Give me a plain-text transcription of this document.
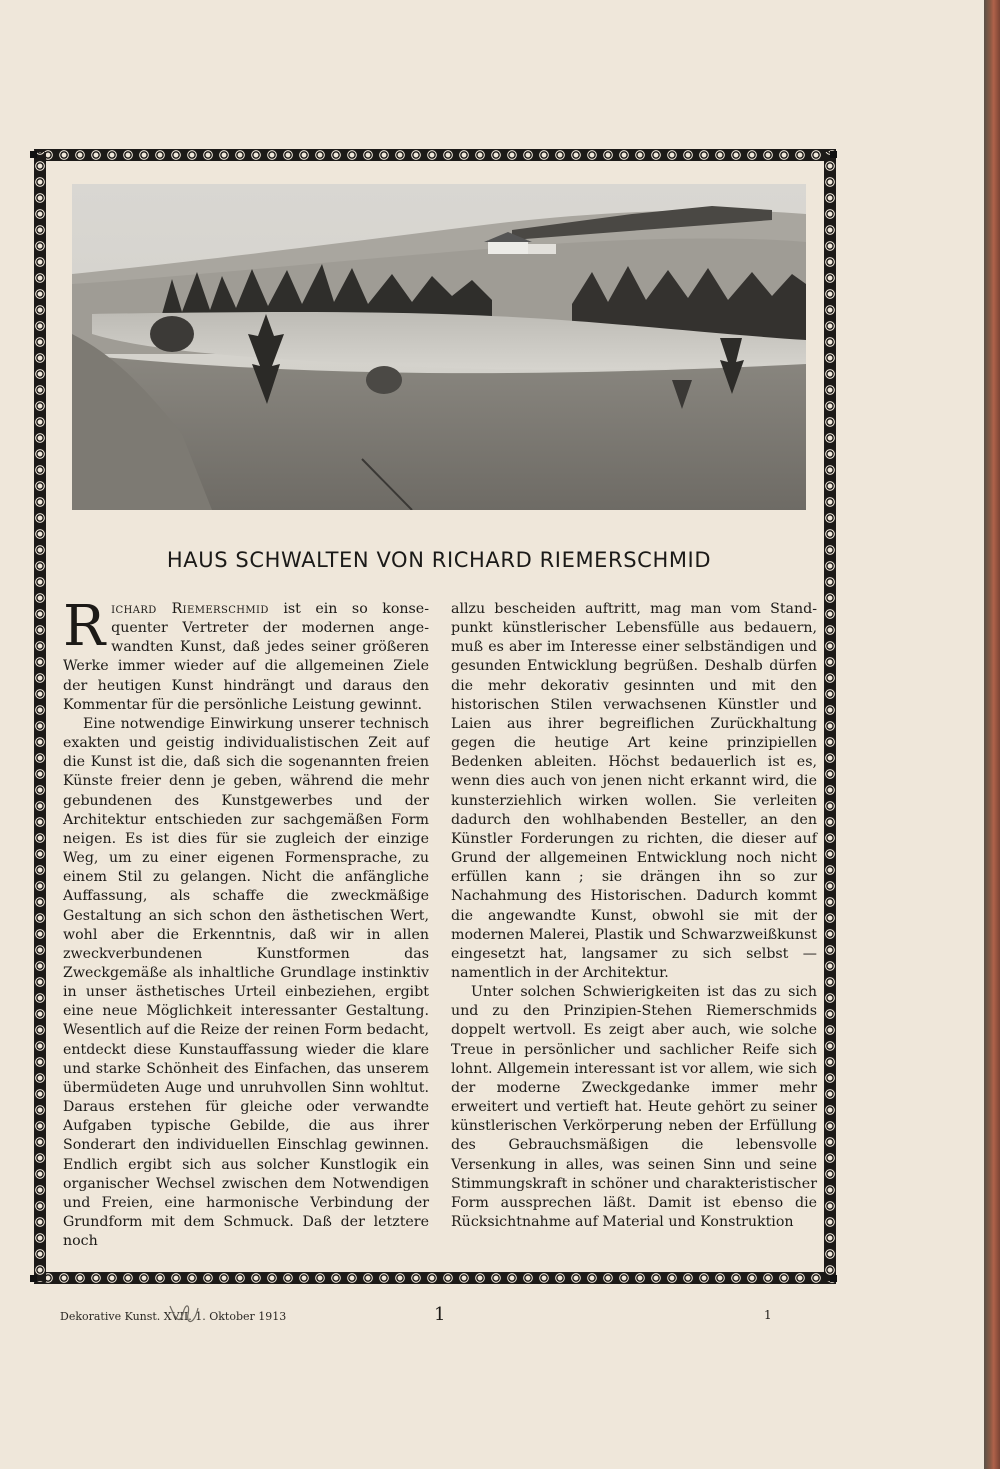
HAUS SCHWALTEN VON RICHARD RIEMERSCHMID

Richard Riemerschmid ist ein so konsequenter Vertreter der modernen angewandten Kunst, daß jedes seiner größeren Werke immer wieder auf die allgemeinen Ziele der heutigen Kunst hindrängt und daraus den Kommentar für die persönliche Leistung gewinnt.

Eine notwendige Einwirkung unserer technisch exakten und geistig individualistischen Zeit auf die Kunst ist die, daß sich die sogenannten freien Künste freier denn je geben, während die mehr gebundenen des Kunstgewerbes und der Architektur entschieden zur sachgemäßen Form neigen. Es ist dies für sie zugleich der einzige Weg, um zu einer eigenen Formensprache, zu einem Stil zu gelangen. Nicht die anfängliche Auffassung, als schaffe die zweckmäßige Gestaltung an sich schon den ästhetischen Wert, wohl aber die Erkenntnis, daß wir in allen zweckverbundenen Kunstformen das Zweckgemäße als inhaltliche Grundlage instinktiv in unser ästhetisches Urteil einbeziehen, ergibt eine neue Möglichkeit interessanter Gestaltung. Wesentlich auf die Reize der reinen Form bedacht, entdeckt diese Kunstauffassung wieder die klare und starke Schönheit des Einfachen, das unserem übermüdeten Auge und unruhvollen Sinn wohltut. Daraus erstehen für gleiche oder verwandte Aufgaben typische Gebilde, die aus ihrer Sonderart den individuellen Einschlag gewinnen. Endlich ergibt sich aus solcher Kunstlogik ein organischer Wechsel zwischen dem Notwendigen und Freien, eine harmonische Verbindung der Grundform mit dem Schmuck. Daß der letztere noch

allzu bescheiden auftritt, mag man vom Standpunkt künstlerischer Lebensfülle aus bedauern, muß es aber im Interesse einer selbständigen und gesunden Entwicklung begrüßen. Deshalb dürfen die mehr dekorativ gesinnten und mit den historischen Stilen verwachsenen Künstler und Laien aus ihrer begreiflichen Zurückhaltung gegen die heutige Art keine prinzipiellen Bedenken ableiten. Höchst bedauerlich ist es, wenn dies auch von jenen nicht erkannt wird, die kunsterziehlich wirken wollen. Sie verleiten dadurch den wohlhabenden Besteller, an den Künstler Forderungen zu richten, die dieser auf Grund der allgemeinen Entwicklung noch nicht erfüllen kann ; sie drängen ihn so zur Nachahmung des Historischen. Dadurch kommt die angewandte Kunst, obwohl sie mit der modernen Malerei, Plastik und Schwarzweißkunst eingesetzt hat, langsamer zu sich selbst — namentlich in der Architektur.

Unter solchen Schwierigkeiten ist das zu sich und zu den Prinzipien-Stehen Riemerschmids doppelt wertvoll. Es zeigt aber auch, wie solche Treue in persönlicher und sachlicher Reife sich lohnt. Allgemein interessant ist vor allem, wie sich der moderne Zweckgedanke immer mehr erweitert und vertieft hat. Heute gehört zu seiner künstlerischen Verkörperung neben der Erfüllung des Gebrauchsmäßigen die lebensvolle Versenkung in alles, was seinen Sinn und seine Stimmungskraft in schöner und charakteristischer Form aussprechen läßt. Damit ist ebenso die Rücksichtnahme auf Material und Konstruktion

Dekorative Kunst. XVII. 1. Oktober 1913	1	1
